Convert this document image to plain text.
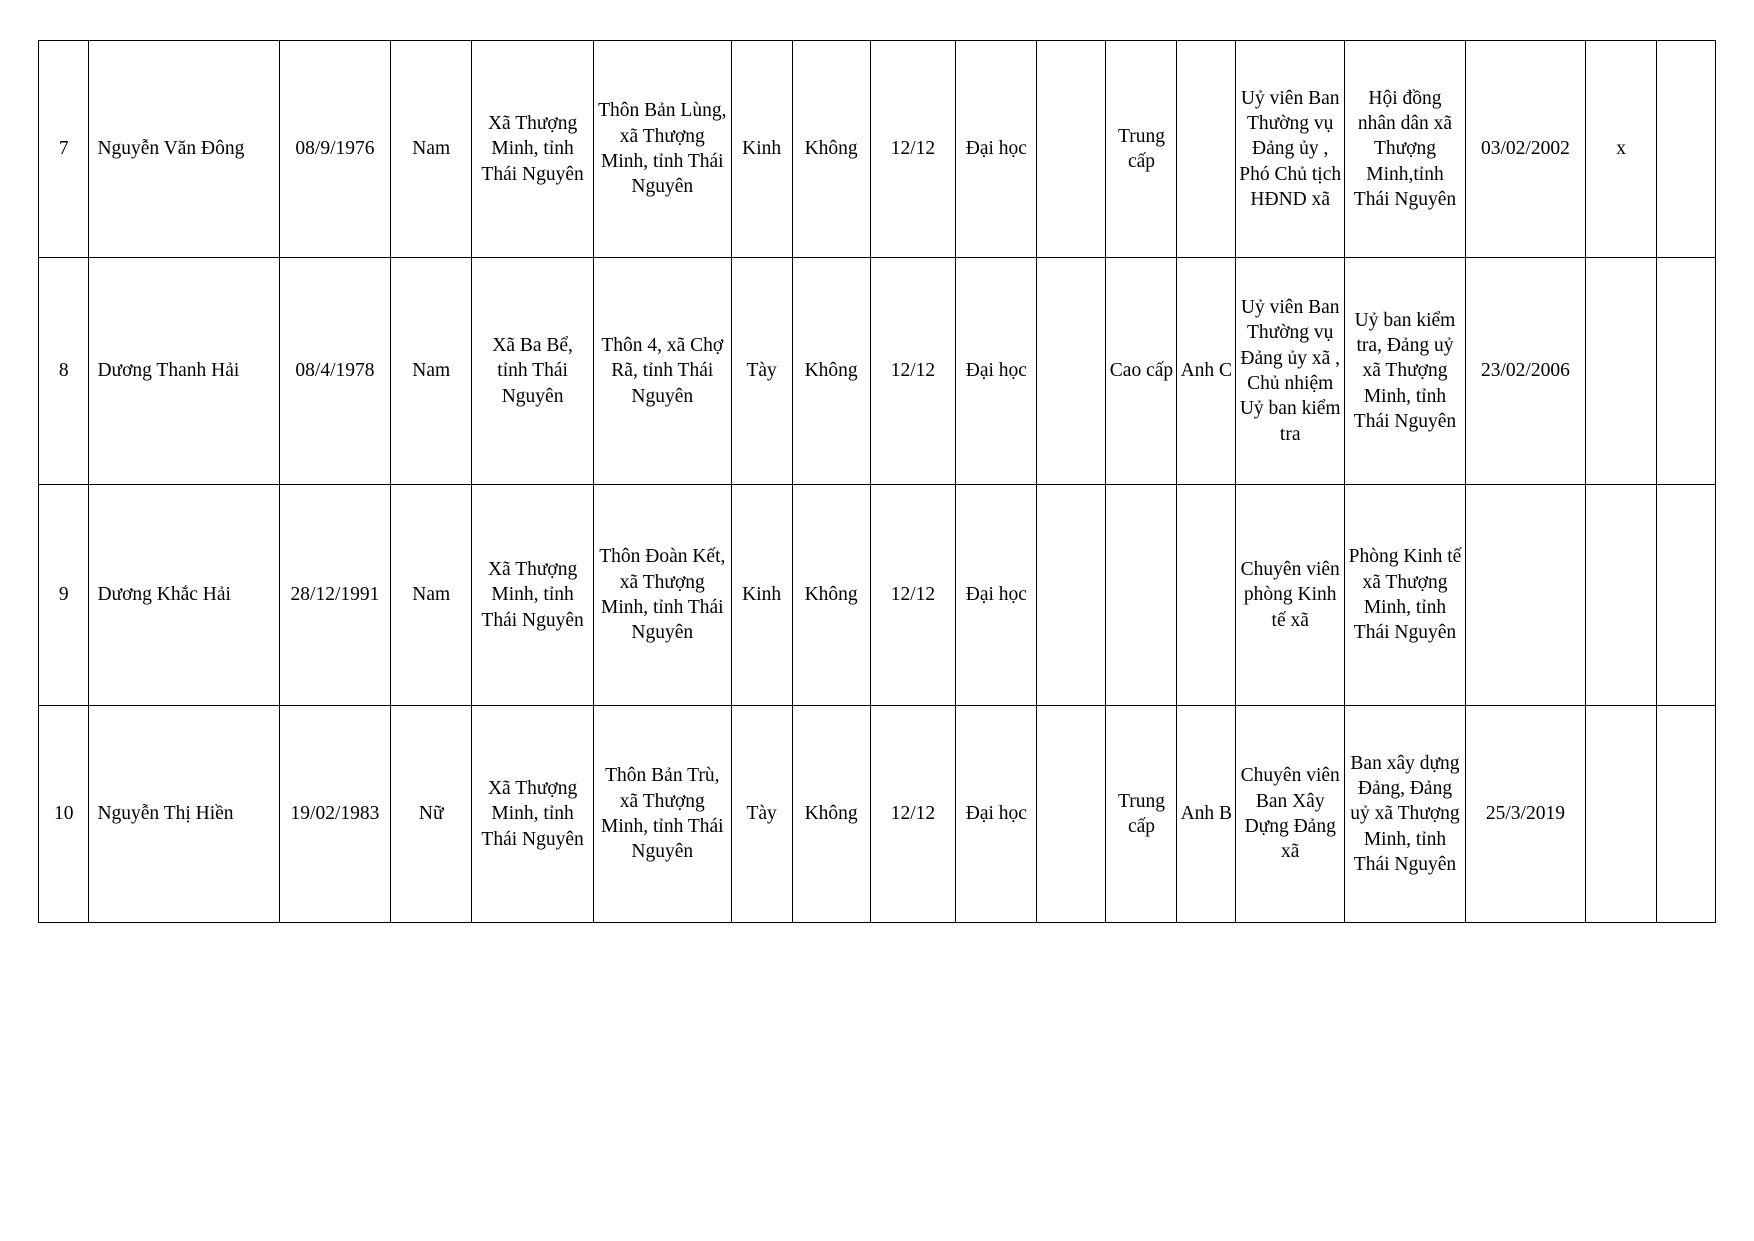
7	Nguyễn Văn Đông	08/9/1976	Nam	Xã Thượng Minh, tỉnh Thái Nguyên	Thôn Bản Lùng, xã Thượng Minh, tỉnh Thái Nguyên	Kinh	Không	12/12	Đại học		Trung cấp		Uỷ viên Ban Thường vụ Đảng ủy , Phó Chủ tịch HĐND xã	Hội đồng nhân dân xã Thượng Minh,tỉnh Thái Nguyên	03/02/2002	x	
8	Dương Thanh Hải	08/4/1978	Nam	Xã Ba Bể, tỉnh Thái Nguyên	Thôn 4, xã Chợ Rã, tỉnh Thái Nguyên	Tày	Không	12/12	Đại học		Cao cấp	Anh C	Uỷ viên Ban Thường vụ Đảng ủy xã , Chủ nhiệm Uỷ ban kiểm tra	Uỷ ban kiểm tra, Đảng uỷ xã Thượng Minh, tỉnh Thái Nguyên	23/02/2006		
9	Dương Khắc Hải	28/12/1991	Nam	Xã Thượng Minh, tỉnh Thái Nguyên	Thôn Đoàn Kết, xã Thượng Minh, tỉnh Thái Nguyên	Kinh	Không	12/12	Đại học				Chuyên viên phòng Kinh tế xã	Phòng Kinh tế xã Thượng Minh, tỉnh Thái Nguyên			
10	Nguyễn Thị Hiền	19/02/1983	Nữ	Xã Thượng Minh, tỉnh Thái Nguyên	Thôn Bản Trù, xã Thượng Minh, tỉnh Thái Nguyên	Tày	Không	12/12	Đại học		Trung cấp	Anh B	Chuyên viên Ban Xây Dựng Đảng xã	Ban xây dựng Đảng, Đảng uỷ xã Thượng Minh, tỉnh Thái Nguyên	25/3/2019		
